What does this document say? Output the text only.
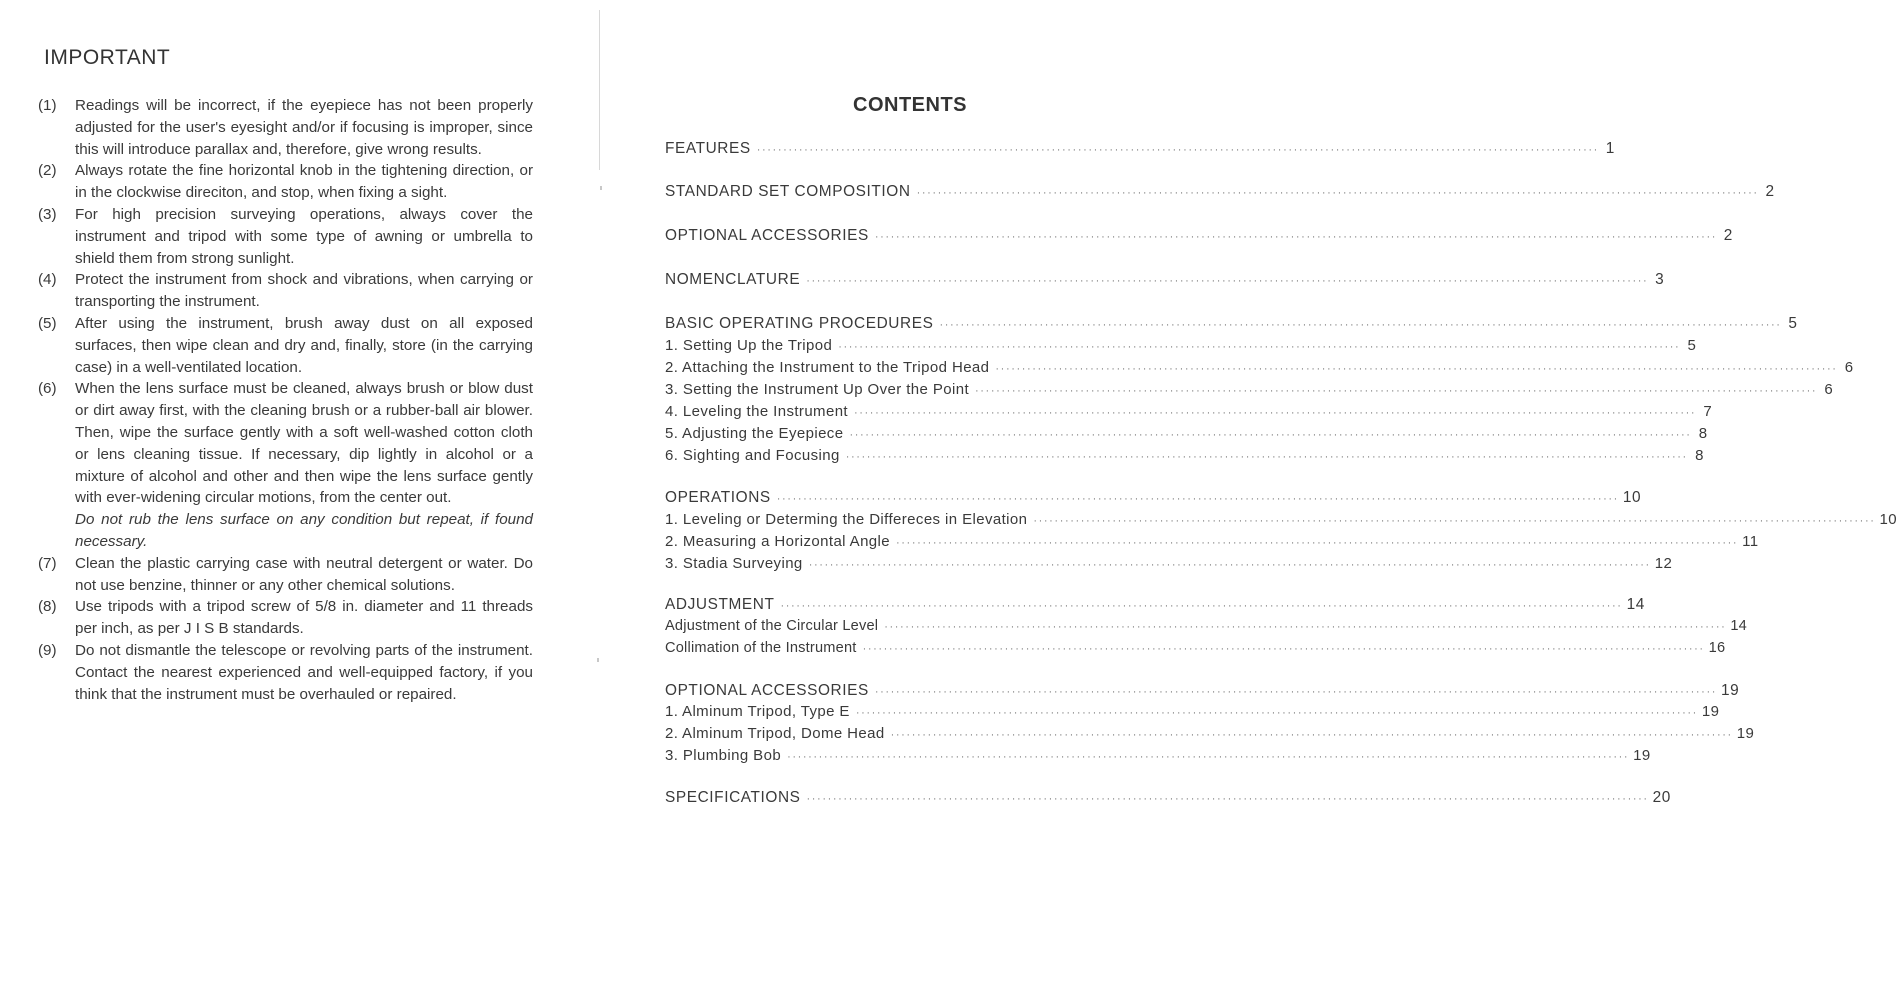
IMPORTANT
(1) Readings will be incorrect, if the eyepiece has not been properly adjusted for the user's eyesight and/or if focusing is improper, since this will introduce parallax and, therefore, give wrong results.
(2) Always rotate the fine horizontal knob in the tightening direction, or in the clockwise direciton, and stop, when fixing a sight.
(3) For high precision surveying operations, always cover the instrument and tripod with some type of awning or umbrella to shield them from strong sunlight.
(4) Protect the instrument from shock and vibrations, when carrying or transporting the instrument.
(5) After using the instrument, brush away dust on all exposed surfaces, then wipe clean and dry and, finally, store (in the carrying case) in a well-ventilated location.
(6) When the lens surface must be cleaned, always brush or blow dust or dirt away first, with the cleaning brush or a rubber-ball air blower. Then, wipe the surface gently with a soft well-washed cotton cloth or lens cleaning tissue. If necessary, dip lightly in alcohol or a mixture of alcohol and other and then wipe the lens surface gently with ever-widening circular motions, from the center out.
Do not rub the lens surface on any condition but repeat, if found necessary.
(7) Clean the plastic carrying case with neutral detergent or water. Do not use benzine, thinner or any other chemical solutions.
(8) Use tripods with a tripod screw of 5/8 in. diameter and 11 threads per inch, as per J I S B standards.
(9) Do not dismantle the telescope or revolving parts of the instrument. Contact the nearest experienced and well-equipped factory, if you think that the instrument must be overhauled or repaired.
CONTENTS
FEATURES ································································································································································ 1
STANDARD SET COMPOSITION ································································································································································ 2
OPTIONAL ACCESSORIES ································································································································································ 2
NOMENCLATURE ································································································································································ 3
BASIC OPERATING PROCEDURES ································································································································································ 5
1. Setting Up the Tripod ································································································································································ 5
2. Attaching the Instrument to the Tripod Head ································································································································································ 6
3. Setting the Instrument Up Over the Point ································································································································································ 6
4. Leveling the Instrument ································································································································································ 7
5. Adjusting the Eyepiece ································································································································································ 8
6. Sighting and Focusing ································································································································································ 8
OPERATIONS ································································································································································ 10
1. Leveling or Determing the Differeces in Elevation ································································································································································ 10
2. Measuring a Horizontal Angle ································································································································································ 11
3. Stadia Surveying ································································································································································ 12
ADJUSTMENT ································································································································································ 14
Adjustment of the Circular Level ································································································································································ 14
Collimation of the Instrument ································································································································································ 16
OPTIONAL ACCESSORIES ································································································································································ 19
1. Alminum Tripod, Type E ································································································································································ 19
2. Alminum Tripod, Dome Head ································································································································································ 19
3. Plumbing Bob ································································································································································ 19
SPECIFICATIONS ································································································································································ 20
